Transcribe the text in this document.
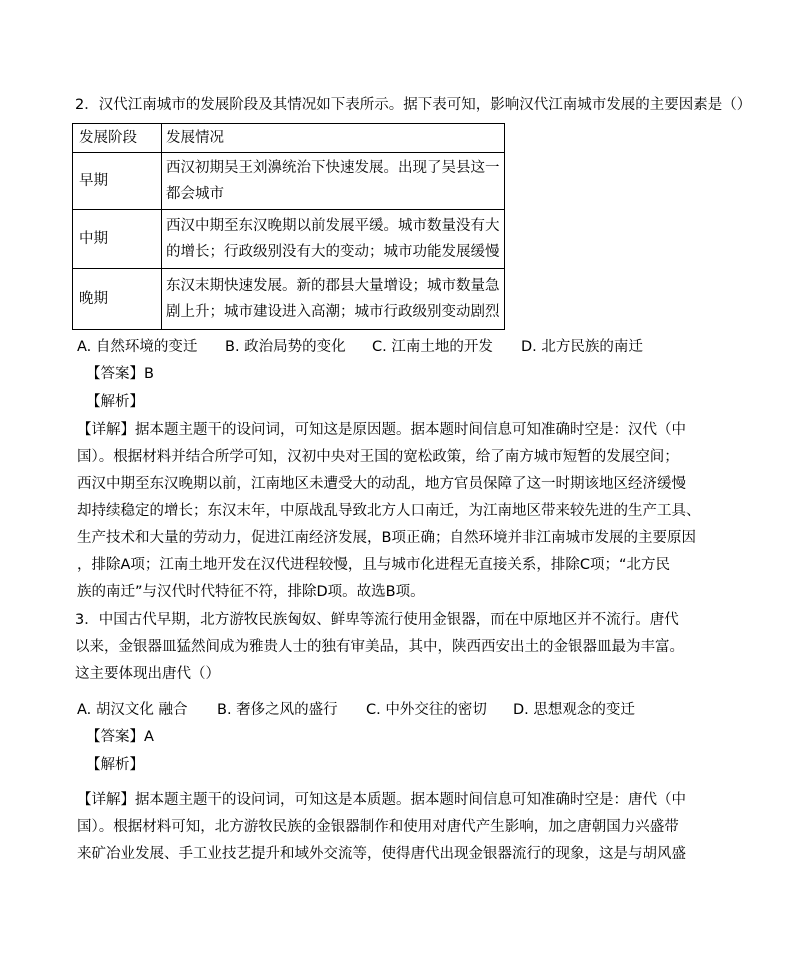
2．汉代江南城市的发展阶段及其情况如下表所示。据下表可知，影响汉代江南城市发展的主要因素是（）
发展阶段	发展情况
早期	西汉初期吴王刘濞统治下快速发展。出现了吴县这一都会城市
中期	西汉中期至东汉晚期以前发展平缓。城市数量没有大的增长；行政级别没有大的变动；城市功能发展缓慢
晚期	东汉末期快速发展。新的郡县大量增设；城市数量急剧上升；城市建设进入高潮；城市行政级别变动剧烈
A. 自然环境的变迁 B. 政治局势的变化 C. 江南土地的开发 D. 北方民族的南迁
【答案】B
【解析】
【详解】据本题主题干的设问词，可知这是原因题。据本题时间信息可知准确时空是：汉代（中
国）。根据材料并结合所学可知，汉初中央对王国的宽松政策，给了南方城市短暂的发展空间；
西汉中期至东汉晚期以前，江南地区未遭受大的动乱，地方官员保障了这一时期该地区经济缓慢
却持续稳定的增长；东汉末年，中原战乱导致北方人口南迁，为江南地区带来较先进的生产工具、
生产技术和大量的劳动力，促进江南经济发展，B项正确；自然环境并非江南城市发展的主要原因
，排除A项；江南土地开发在汉代进程较慢，且与城市化进程无直接关系，排除C项；“北方民
族的南迁”与汉代时代特征不符，排除D项。故选B项。
3．中国古代早期，北方游牧民族匈奴、鲜卑等流行使用金银器，而在中原地区并不流行。唐代
以来，金银器皿猛然间成为雅贵人士的独有审美品，其中，陕西西安出土的金银器皿最为丰富。
这主要体现出唐代（）
A. 胡汉文化 融合 B. 奢侈之风的盛行 C. 中外交往的密切 D. 思想观念的变迁
【答案】A
【解析】
【详解】据本题主题干的设问词，可知这是本质题。据本题时间信息可知准确时空是：唐代（中
国）。根据材料可知，北方游牧民族的金银器制作和使用对唐代产生影响，加之唐朝国力兴盛带
来矿冶业发展、手工业技艺提升和域外交流等，使得唐代出现金银器流行的现象，这是与胡风盛
